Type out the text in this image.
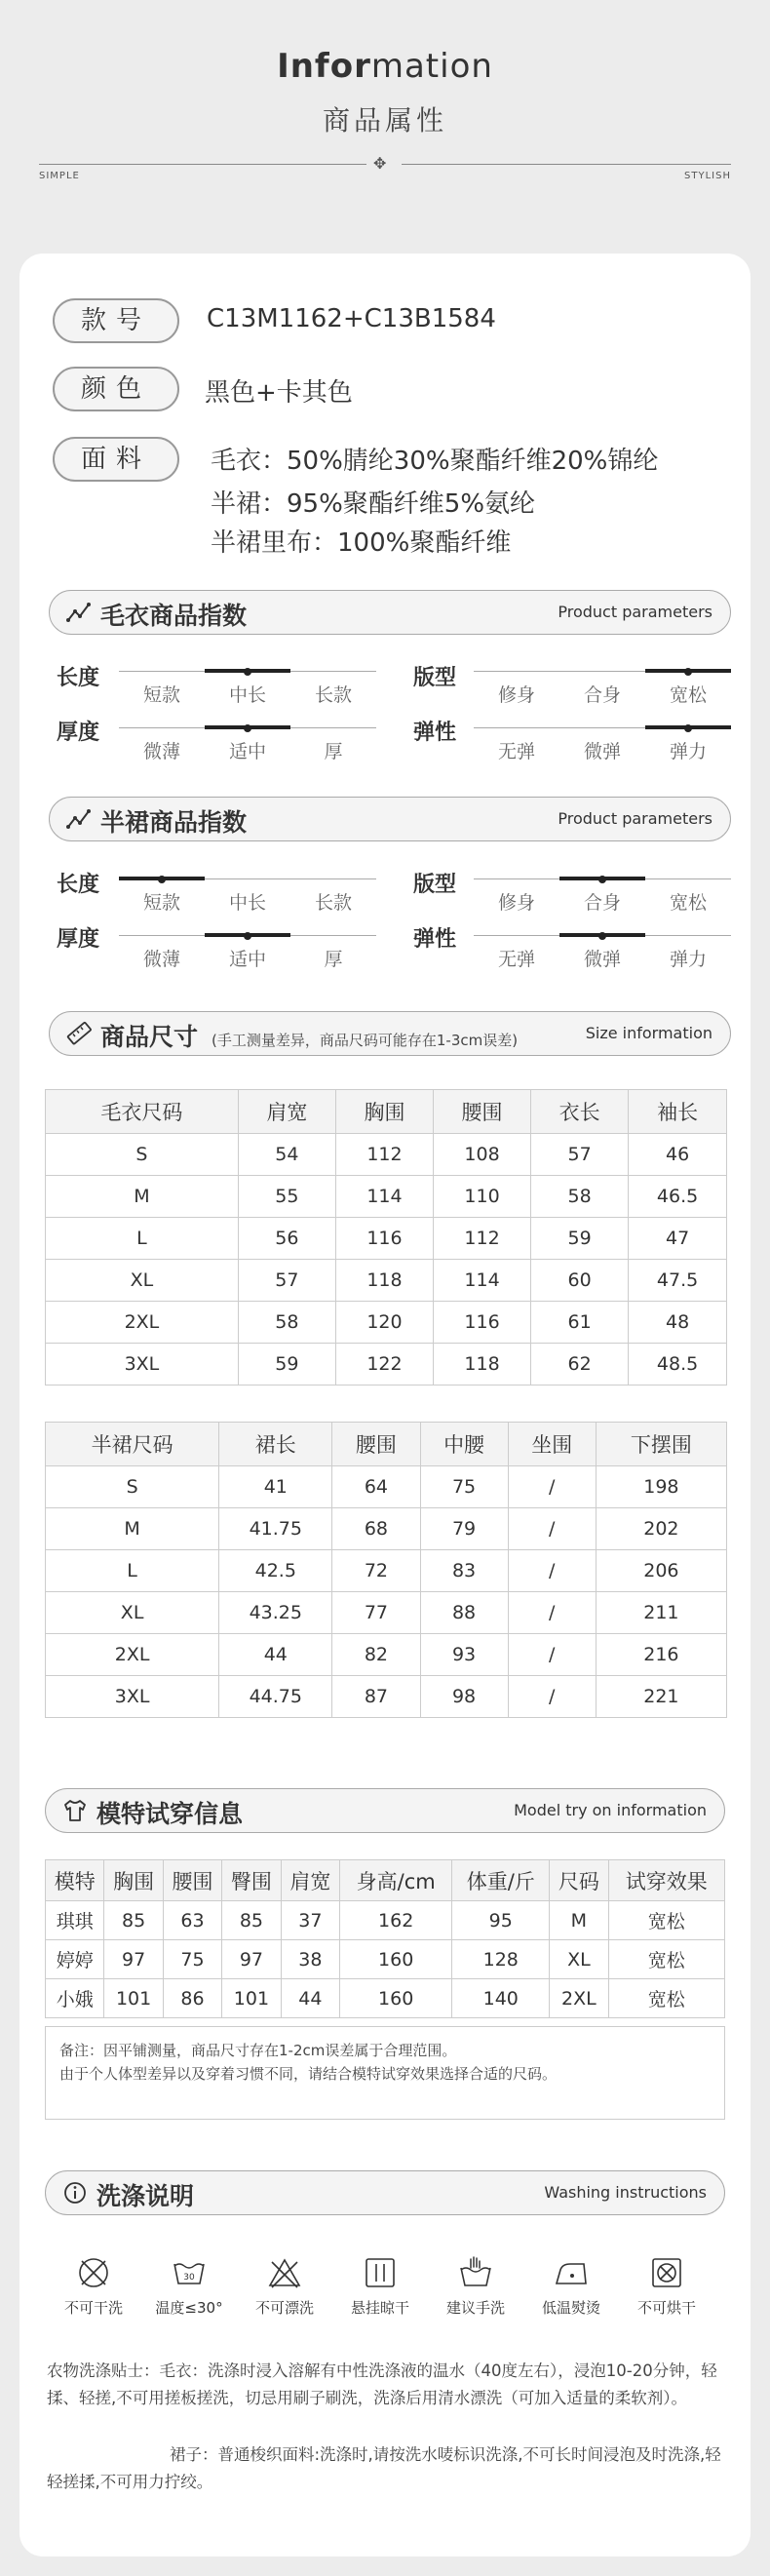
Information
商品属性
✥
SIMPLE	STYLISH
款号	C13M1162+C13B1584
颜色	黑色+卡其色
面料	毛衣：50%腈纶30%聚酯纤维20%锦纶
半裙：95%聚酯纤维5%氨纶
半裙里布：100%聚酯纤维
毛衣商品指数	Product parameters
长度
短款	中长	长款
版型
修身	合身	宽松
厚度
微薄	适中	厚
弹性
无弹	微弹	弹力
半裙商品指数	Product parameters
长度
短款	中长	长款
版型
修身	合身	宽松
厚度
微薄	适中	厚
弹性
无弹	微弹	弹力
商品尺寸 (手工测量差异，商品尺码可能存在1-3cm误差)	Size information
毛衣尺码	肩宽	胸围	腰围	衣长	袖长
S	54	112	108	57	46
M	55	114	110	58	46.5
L	56	116	112	59	47
XL	57	118	114	60	47.5
2XL	58	120	116	61	48
3XL	59	122	118	62	48.5
半裙尺码	裙长	腰围	中腰	坐围	下摆围
S	41	64	75	/	198
M	41.75	68	79	/	202
L	42.5	72	83	/	206
XL	43.25	77	88	/	211
2XL	44	82	93	/	216
3XL	44.75	87	98	/	221
模特试穿信息	Model try on information
模特	胸围	腰围	臀围	肩宽	身高/cm	体重/斤	尺码	试穿效果
琪琪	85	63	85	37	162	95	M	宽松
婷婷	97	75	97	38	160	128	XL	宽松
小娥	101	86	101	44	160	140	2XL	宽松
备注：因平铺测量，商品尺寸存在1-2cm误差属于合理范围。
由于个人体型差异以及穿着习惯不同，请结合模特试穿效果选择合适的尺码。
洗涤说明	Washing instructions
不可干洗
30
温度≤30°	不可漂洗	悬挂晾干	建议手洗	低温熨烫	不可烘干
农物洗涤贴士：毛衣：洗涤时浸入溶解有中性洗涤液的温水（40度左右），浸泡10-20分钟，轻揉、轻搓,不可用搓板搓洗，切忌用刷子刷洗，洗涤后用清水漂洗（可加入适量的柔软剂）。
裙子：普通梭织面料:洗涤时,请按洗水唛标识洗涤,不可长时间浸泡及时洗涤,轻轻搓揉,不可用力拧绞。
